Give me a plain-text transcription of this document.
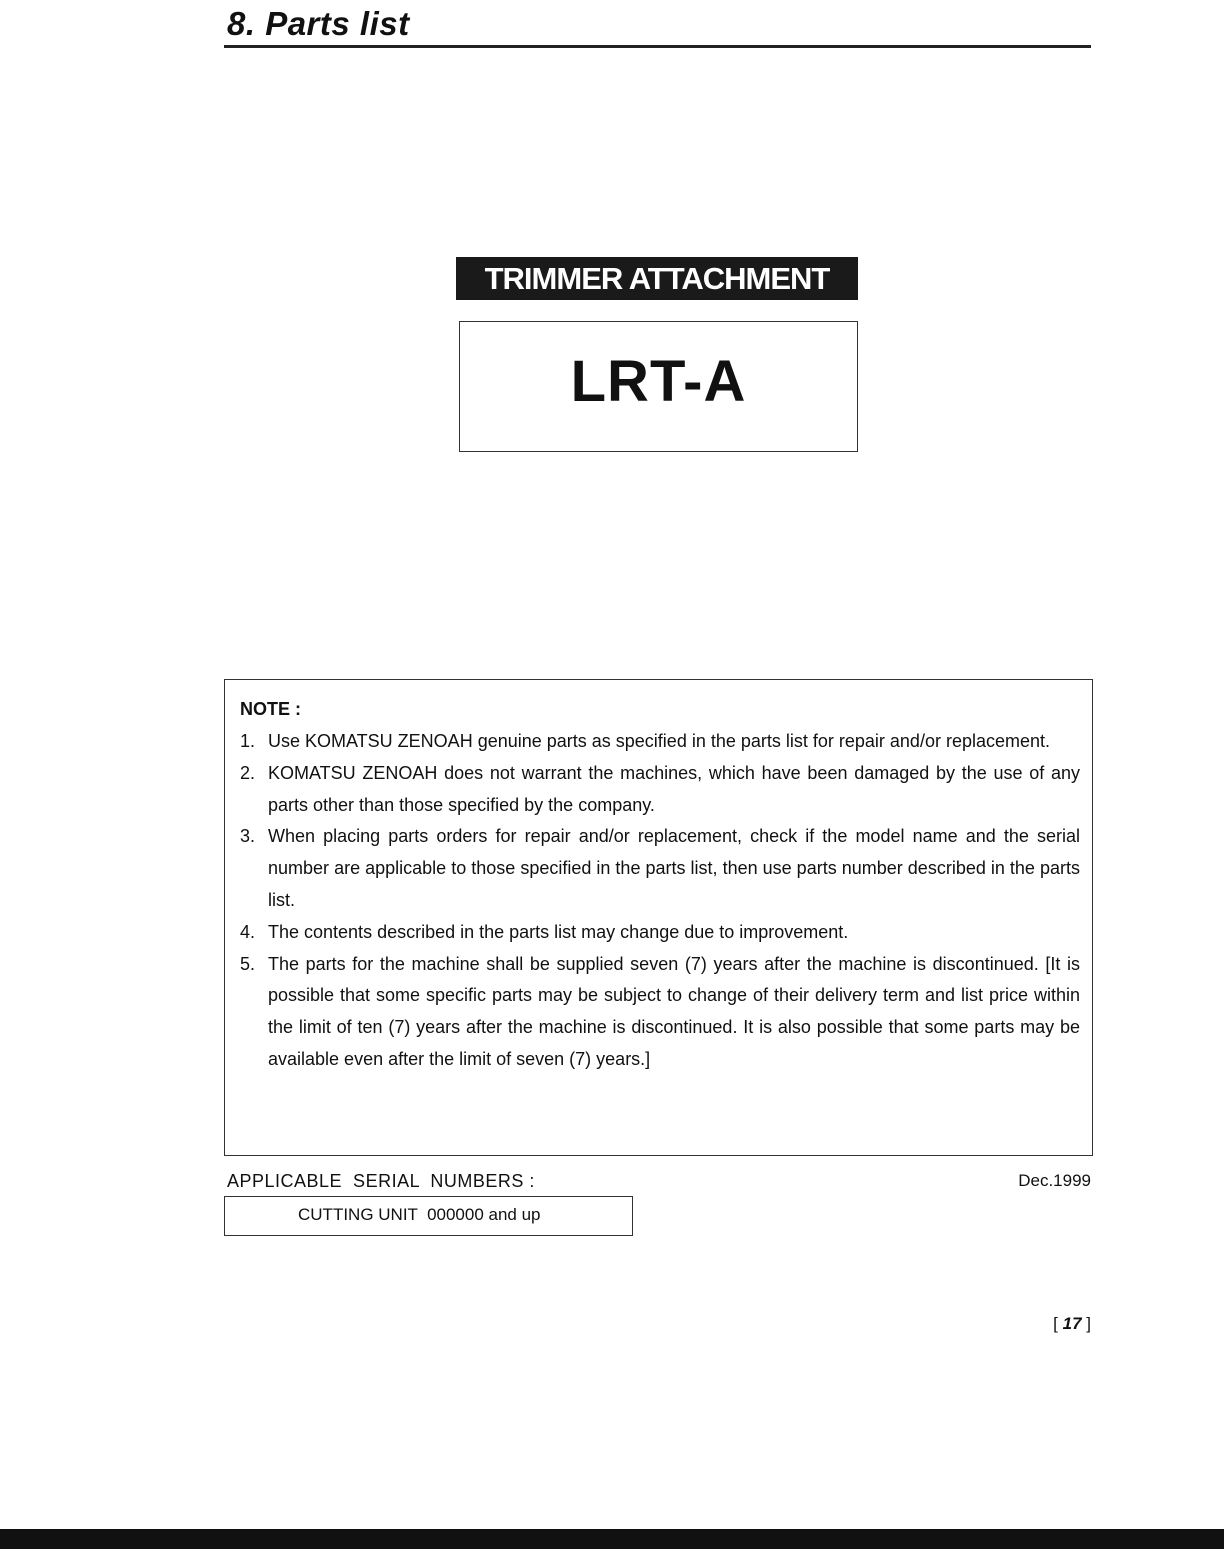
8. Parts list
TRIMMER ATTACHMENT
LRT-A
NOTE :
1. Use KOMATSU ZENOAH genuine parts as specified in the parts list for repair and/or replacement.
2. KOMATSU ZENOAH does not warrant the machines, which have been damaged by the use of any parts other than those specified by the company.
3. When placing parts orders for repair and/or replacement, check if the model name and the serial number are applicable to those specified in the parts list, then use parts number described in the parts list.
4. The contents described in the parts list may change due to improvement.
5. The parts for the machine shall be supplied seven (7) years after the machine is discontinued. [It is possible that some specific parts may be subject to change of their delivery term and list price within the limit of ten (7) years after the machine is discontinued. It is also possible that some parts may be available even after the limit of seven (7) years.]
APPLICABLE  SERIAL  NUMBERS :	Dec.1999
CUTTING UNIT  000000 and up
[ 17 ]
